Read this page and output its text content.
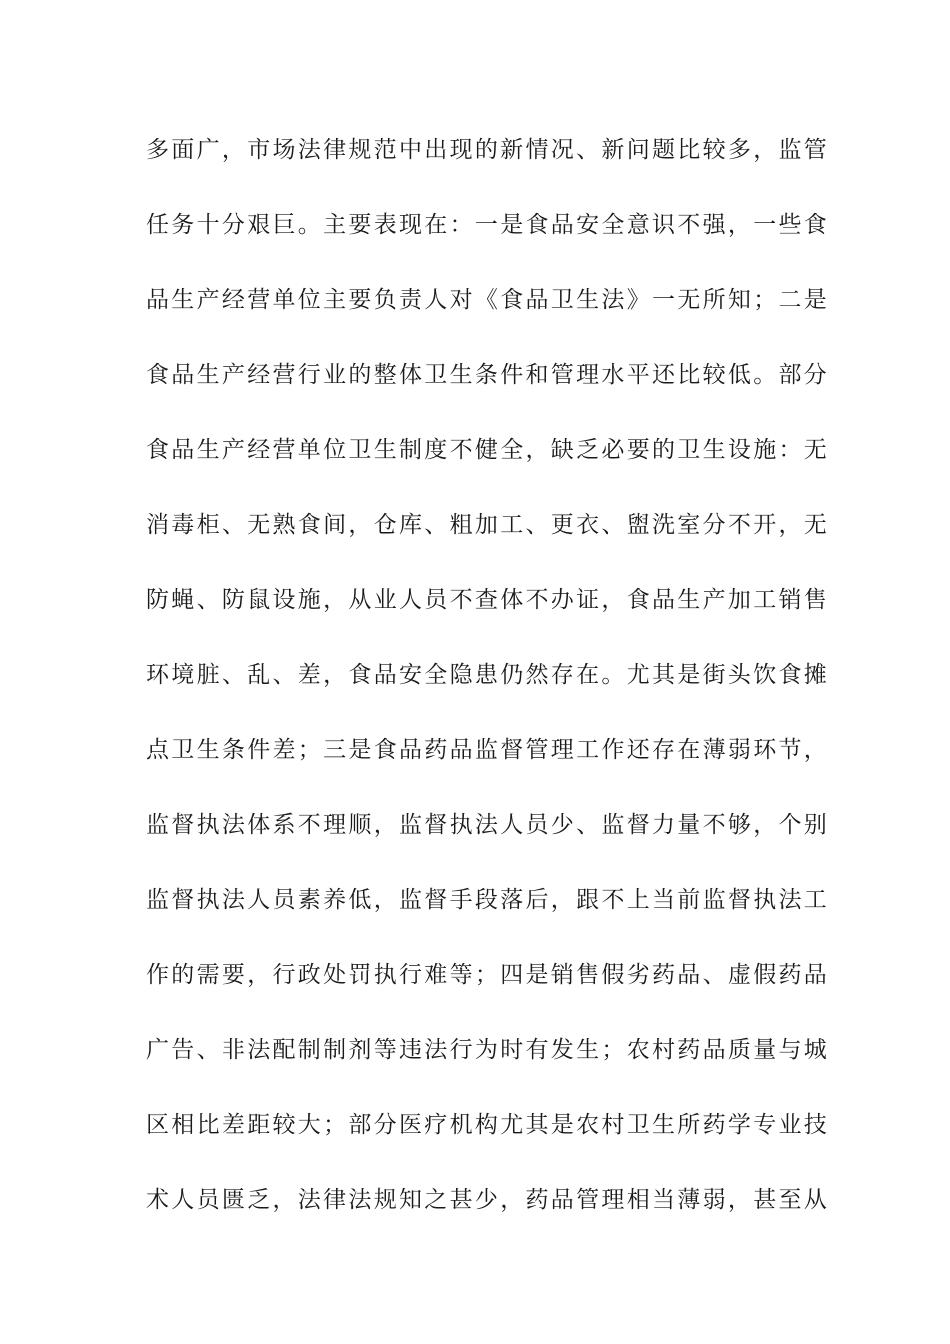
多面广，市场法律规范中出现的新情况、新问题比较多，监管
任务十分艰巨。主要表现在：一是食品安全意识不强，一些食
品生产经营单位主要负责人对《食品卫生法》一无所知；二是
食品生产经营行业的整体卫生条件和管理水平还比较低。部分
食品生产经营单位卫生制度不健全，缺乏必要的卫生设施：无
消毒柜、无熟食间，仓库、粗加工、更衣、盥洗室分不开，无
防蝇、防鼠设施，从业人员不查体不办证，食品生产加工销售
环境脏、乱、差，食品安全隐患仍然存在。尤其是街头饮食摊
点卫生条件差；三是食品药品监督管理工作还存在薄弱环节，
监督执法体系不理顺，监督执法人员少、监督力量不够，个别
监督执法人员素养低，监督手段落后，跟不上当前监督执法工
作的需要，行政处罚执行难等；四是销售假劣药品、虚假药品
广告、非法配制制剂等违法行为时有发生；农村药品质量与城
区相比差距较大；部分医疗机构尤其是农村卫生所药学专业技
术人员匮乏，法律法规知之甚少，药品管理相当薄弱，甚至从
